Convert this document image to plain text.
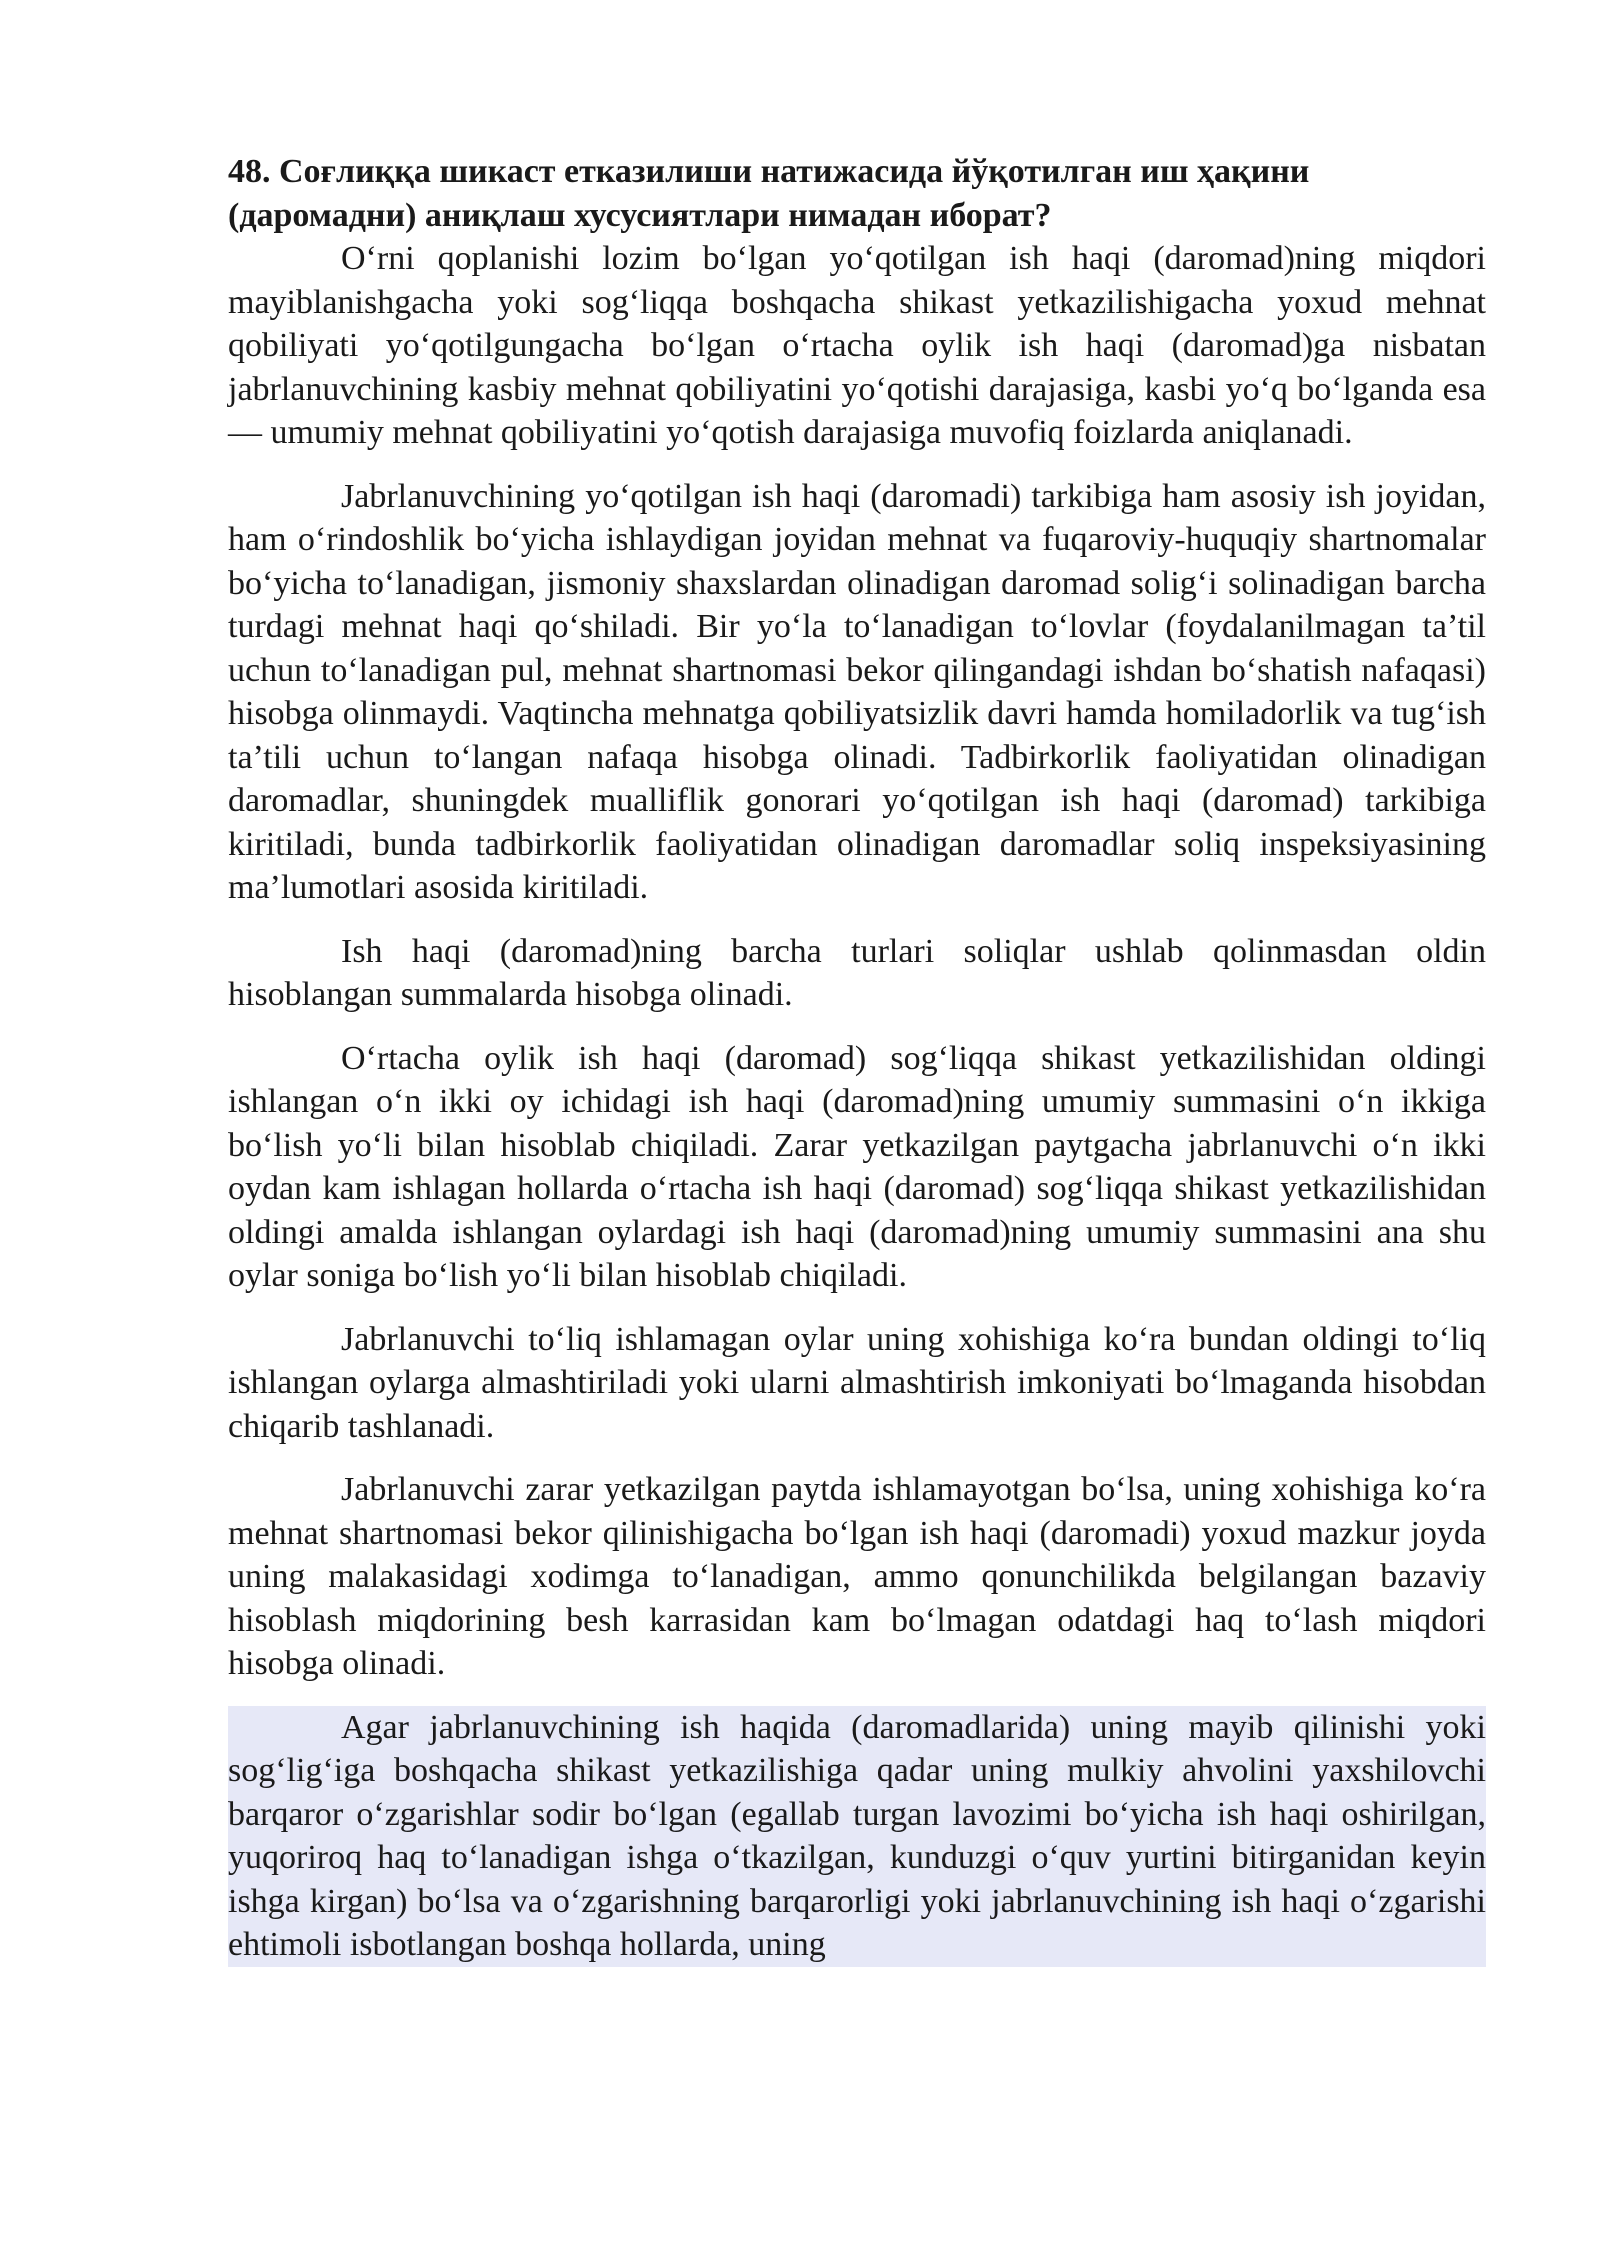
48. Соғлиққа шикаст етказилиши натижасида йўқотилган иш ҳақини (даромадни) аниқлаш хусусиятлари нимадан иборат?

O‘rni qoplanishi lozim bo‘lgan yo‘qotilgan ish haqi (daromad)ning miqdori mayiblanishgacha yoki sog‘liqqa boshqacha shikast yetkazilishigacha yoxud mehnat qobiliyati yo‘qotilgungacha bo‘lgan o‘rtacha oylik ish haqi (daromad)ga nisbatan jabrlanuvchining kasbiy mehnat qobiliyatini yo‘qotishi darajasiga, kasbi yo‘q bo‘lganda esa — umumiy mehnat qobiliyatini yo‘qotish darajasiga muvofiq foizlarda aniqlanadi.

Jabrlanuvchining yo‘qotilgan ish haqi (daromadi) tarkibiga ham asosiy ish joyidan, ham o‘rindoshlik bo‘yicha ishlaydigan joyidan mehnat va fuqaroviy-huquqiy shartnomalar bo‘yicha to‘lanadigan, jismoniy shaxslardan olinadigan daromad solig‘i solinadigan barcha turdagi mehnat haqi qo‘shiladi. Bir yo‘la to‘lanadigan to‘lovlar (foydalanilmagan ta’til uchun to‘lanadigan pul, mehnat shartnomasi bekor qilingandagi ishdan bo‘shatish nafaqasi) hisobga olinmaydi. Vaqtincha mehnatga qobiliyatsizlik davri hamda homiladorlik va tug‘ish ta’tili uchun to‘langan nafaqa hisobga olinadi. Tadbirkorlik faoliyatidan olinadigan daromadlar, shuningdek mualliflik gonorari yo‘qotilgan ish haqi (daromad) tarkibiga kiritiladi, bunda tadbirkorlik faoliyatidan olinadigan daromadlar soliq inspeksiyasining ma’lumotlari asosida kiritiladi.

Ish haqi (daromad)ning barcha turlari soliqlar ushlab qolinmasdan oldin hisoblangan summalarda hisobga olinadi.

O‘rtacha oylik ish haqi (daromad) sog‘liqqa shikast yetkazilishidan oldingi ishlangan o‘n ikki oy ichidagi ish haqi (daromad)ning umumiy summasini o‘n ikkiga bo‘lish yo‘li bilan hisoblab chiqiladi. Zarar yetkazilgan paytgacha jabrlanuvchi o‘n ikki oydan kam ishlagan hollarda o‘rtacha ish haqi (daromad) sog‘liqqa shikast yetkazilishidan oldingi amalda ishlangan oylardagi ish haqi (daromad)ning umumiy summasini ana shu oylar soniga bo‘lish yo‘li bilan hisoblab chiqiladi.

Jabrlanuvchi to‘liq ishlamagan oylar uning xohishiga ko‘ra bundan oldingi to‘liq ishlangan oylarga almashtiriladi yoki ularni almashtirish imkoniyati bo‘lmaganda hisobdan chiqarib tashlanadi.

Jabrlanuvchi zarar yetkazilgan paytda ishlamayotgan bo‘lsa, uning xohishiga ko‘ra mehnat shartnomasi bekor qilinishigacha bo‘lgan ish haqi (daromadi) yoxud mazkur joyda uning malakasidagi xodimga to‘lanadigan, ammo qonunchilikda belgilangan bazaviy hisoblash miqdorining besh karrasidan kam bo‘lmagan odatdagi haq to‘lash miqdori hisobga olinadi.

Agar jabrlanuvchining ish haqida (daromadlarida) uning mayib qilinishi yoki sog‘lig‘iga boshqacha shikast yetkazilishiga qadar uning mulkiy ahvolini yaxshilovchi barqaror o‘zgarishlar sodir bo‘lgan (egallab turgan lavozimi bo‘yicha ish haqi oshirilgan, yuqoriroq haq to‘lanadigan ishga o‘tkazilgan, kunduzgi o‘quv yurtini bitirganidan keyin ishga kirgan) bo‘lsa va o‘zgarishning barqarorligi yoki jabrlanuvchining ish haqi o‘zgarishi ehtimoli isbotlangan boshqa hollarda, uning
